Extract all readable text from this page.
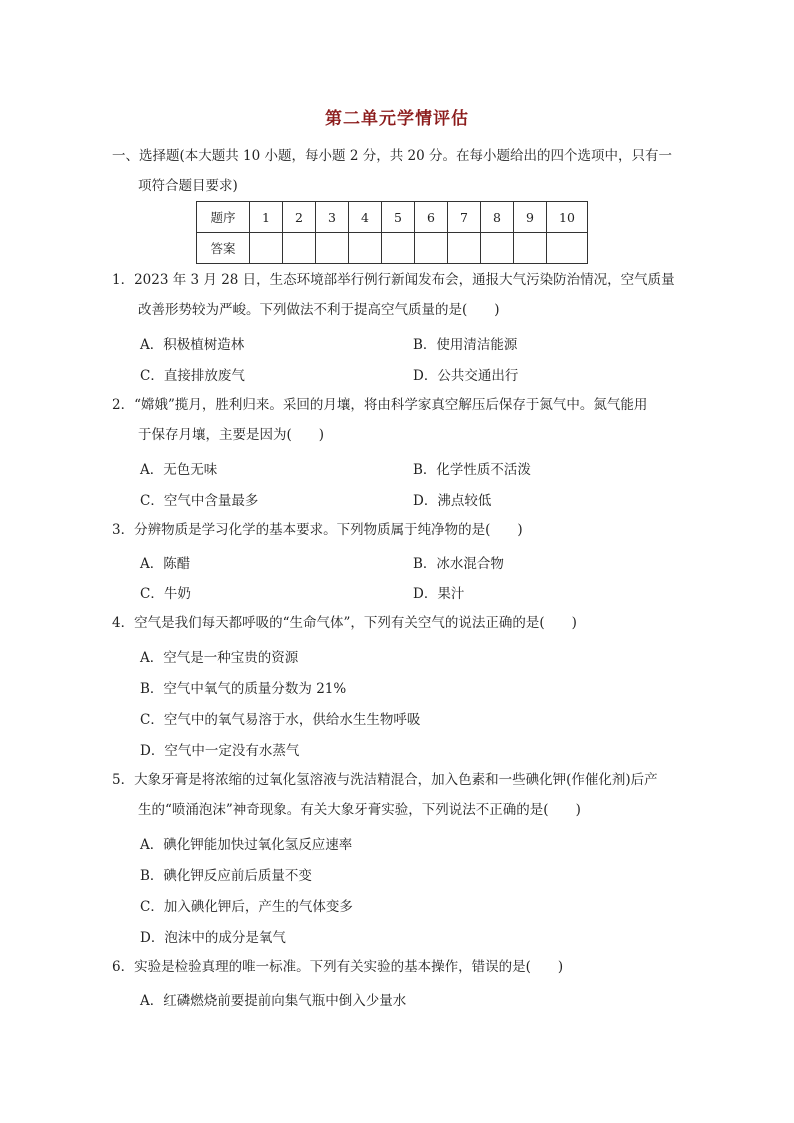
第二单元学情评估
一、选择题(本大题共 10 小题，每小题 2 分，共 20 分。在每小题给出的四个选项中，只有一
项符合题目要求)
题序	1	2	3	4	5	6	7	8	9	10
答案										
1．2023 年 3 月 28 日，生态环境部举行例行新闻发布会，通报大气污染防治情况，空气质量
改善形势较为严峻。下列做法不利于提高空气质量的是(　　)
A．积极植树造林	B．使用清洁能源
C．直接排放废气	D．公共交通出行
2．“嫦娥”揽月，胜利归来。采回的月壤，将由科学家真空解压后保存于氮气中。氮气能用
于保存月壤，主要是因为(　　)
A．无色无味	B．化学性质不活泼
C．空气中含量最多	D．沸点较低
3．分辨物质是学习化学的基本要求。下列物质属于纯净物的是(　　)
A．陈醋	B．冰水混合物
C．牛奶	D．果汁
4．空气是我们每天都呼吸的“生命气体”，下列有关空气的说法正确的是(　　)
A．空气是一种宝贵的资源
B．空气中氧气的质量分数为 21%
C．空气中的氧气易溶于水，供给水生生物呼吸
D．空气中一定没有水蒸气
5．大象牙膏是将浓缩的过氧化氢溶液与洗洁精混合，加入色素和一些碘化钾(作催化剂)后产
生的“喷涌泡沫”神奇现象。有关大象牙膏实验，下列说法不正确的是(　　)
A．碘化钾能加快过氧化氢反应速率
B．碘化钾反应前后质量不变
C．加入碘化钾后，产生的气体变多
D．泡沫中的成分是氧气
6．实验是检验真理的唯一标准。下列有关实验的基本操作，错误的是(　　)
A．红磷燃烧前要提前向集气瓶中倒入少量水
